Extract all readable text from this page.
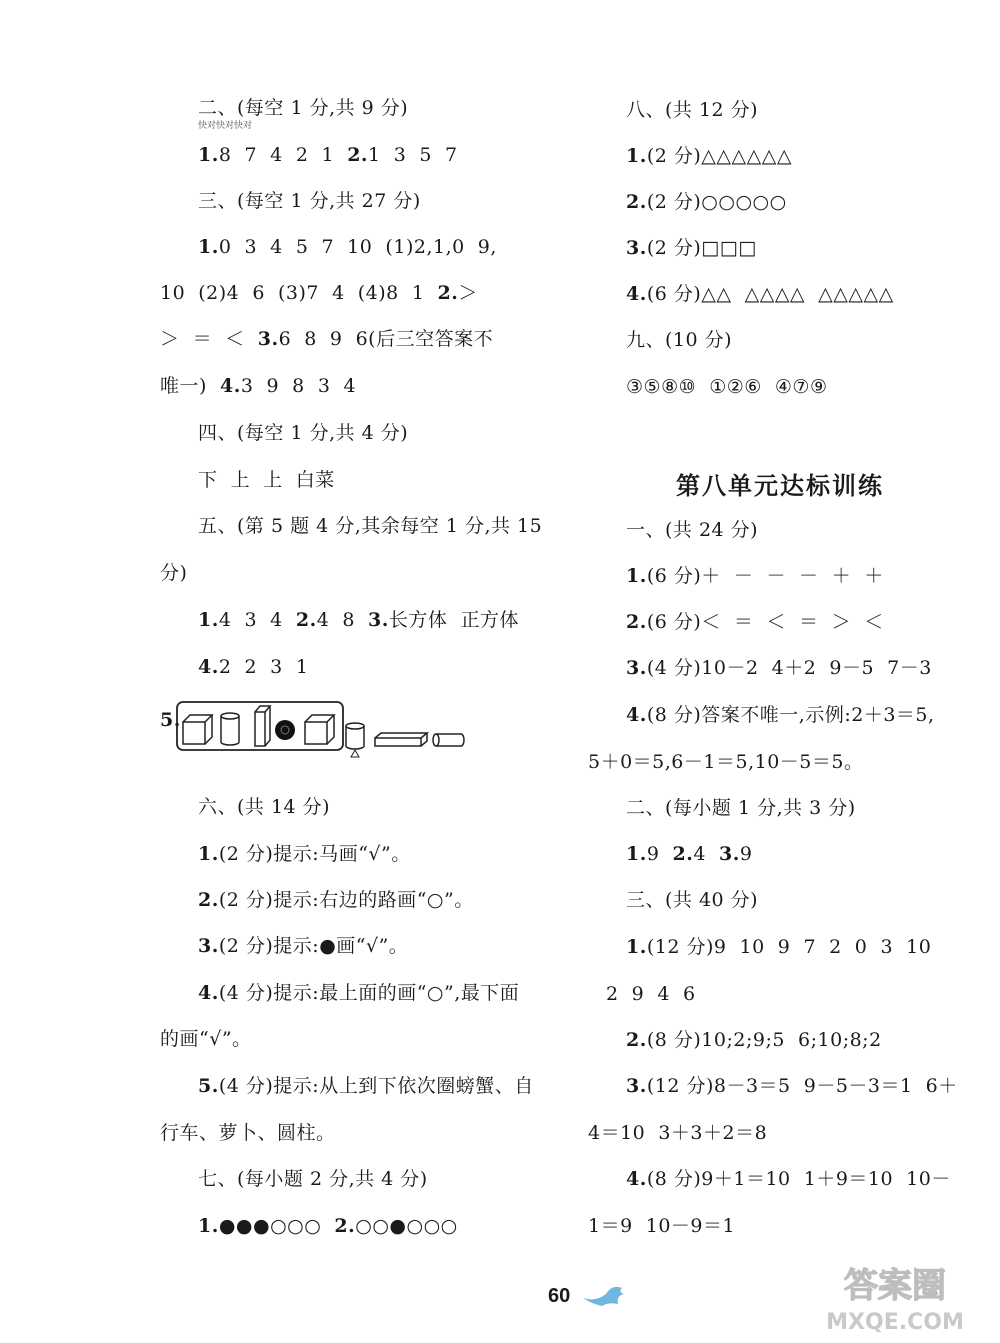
二、(每空 1 分,共 9 分)
快对快对快对
1.8  7  4  2  1  2.1  3  5  7
三、(每空 1 分,共 27 分)
1.0  3  4  5  7  10  (1)2,1,0  9,
10  (2)4  6  (3)7  4  (4)8  1  2.＞
＞  ＝  ＜  3.6  8  9  6(后三空答案不
唯一)  4.3  9  8  3  4
四、(每空 1 分,共 4 分)
下  上  上  白菜
五、(第 5 题 4 分,其余每空 1 分,共 15
分)
1.4  3  4  2.4  8  3.长方体  正方体
4.2  2  3  1
5.
六、(共 14 分)
1.(2 分)提示:马画“√”。
2.(2 分)提示:右边的路画“○”。
3.(2 分)提示:●画“√”。
4.(4 分)提示:最上面的画“○”,最下面
的画“√”。
5.(4 分)提示:从上到下依次圈螃蟹、自
行车、萝卜、圆柱。
七、(每小题 2 分,共 4 分)
1.●●●○○○  2.○○●○○○
八、(共 12 分)
1.(2 分)△△△△△△
2.(2 分)○○○○○
3.(2 分)□□□
4.(6 分)△△  △△△△  △△△△△
九、(10 分)
③⑤⑧⑩  ①②⑥  ④⑦⑨
第八单元达标训练
一、(共 24 分)
1.(6 分)＋  －  －  －  ＋  ＋
2.(6 分)＜  ＝  ＜  ＝  ＞  ＜
3.(4 分)10－2  4＋2  9－5  7－3
4.(8 分)答案不唯一,示例:2＋3＝5,
5＋0＝5,6－1＝5,10－5＝5。
二、(每小题 1 分,共 3 分)
1.9  2.4  3.9
三、(共 40 分)
1.(12 分)9  10  9  7  2  0  3  10
2  9  4  6
2.(8 分)10;2;9;5  6;10;8;2
3.(12 分)8－3＝5  9－5－3＝1  6＋
4＝10  3＋3＋2＝8
4.(8 分)9＋1＝10  1＋9＝10  10－
1＝9  10－9＝1
60	答案圈
MXQE.COM
